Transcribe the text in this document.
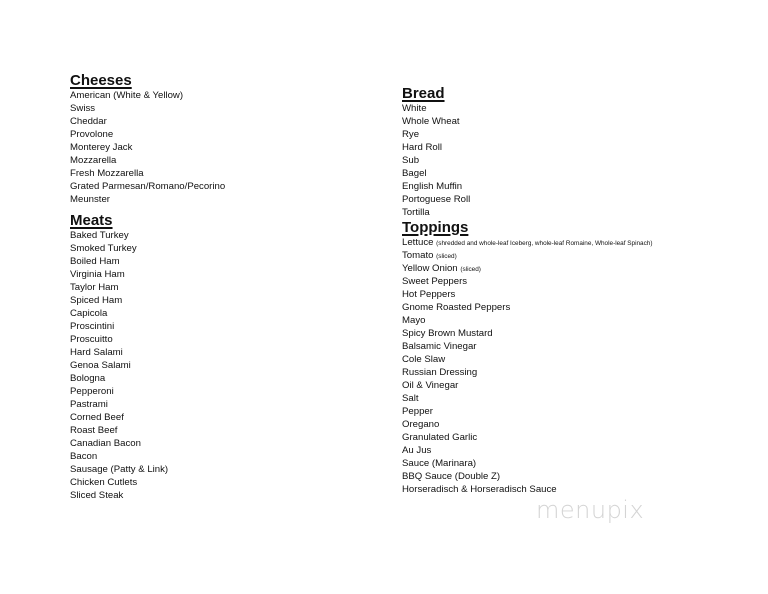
Cheeses
American (White & Yellow)
Swiss
Cheddar
Provolone
Monterey Jack
Mozzarella
Fresh Mozzarella
Grated Parmesan/Romano/Pecorino
Meunster
Meats
Baked Turkey
Smoked Turkey
Boiled Ham
Virginia Ham
Taylor Ham
Spiced Ham
Capicola
Proscintini
Proscuitto
Hard Salami
Genoa Salami
Bologna
Pepperoni
Pastrami
Corned Beef
Roast Beef
Canadian Bacon
Bacon
Sausage (Patty & Link)
Chicken Cutlets
Sliced Steak
Bread
White
Whole Wheat
Rye
Hard Roll
Sub
Bagel
English Muffin
Portoguese Roll
Tortilla
Toppings
Lettuce (shredded and whole-leaf Iceberg, whole-leaf Romaine, Whole-leaf Spinach)
Tomato (sliced)
Yellow Onion (sliced)
Sweet Peppers
Hot Peppers
Gnome Roasted Peppers
Mayo
Spicy Brown Mustard
Balsamic Vinegar
Cole Slaw
Russian Dressing
Oil & Vinegar
Salt
Pepper
Oregano
Granulated Garlic
Au Jus
Sauce (Marinara)
BBQ Sauce (Double Z)
Horseradisch & Horseradisch Sauce
menupix
